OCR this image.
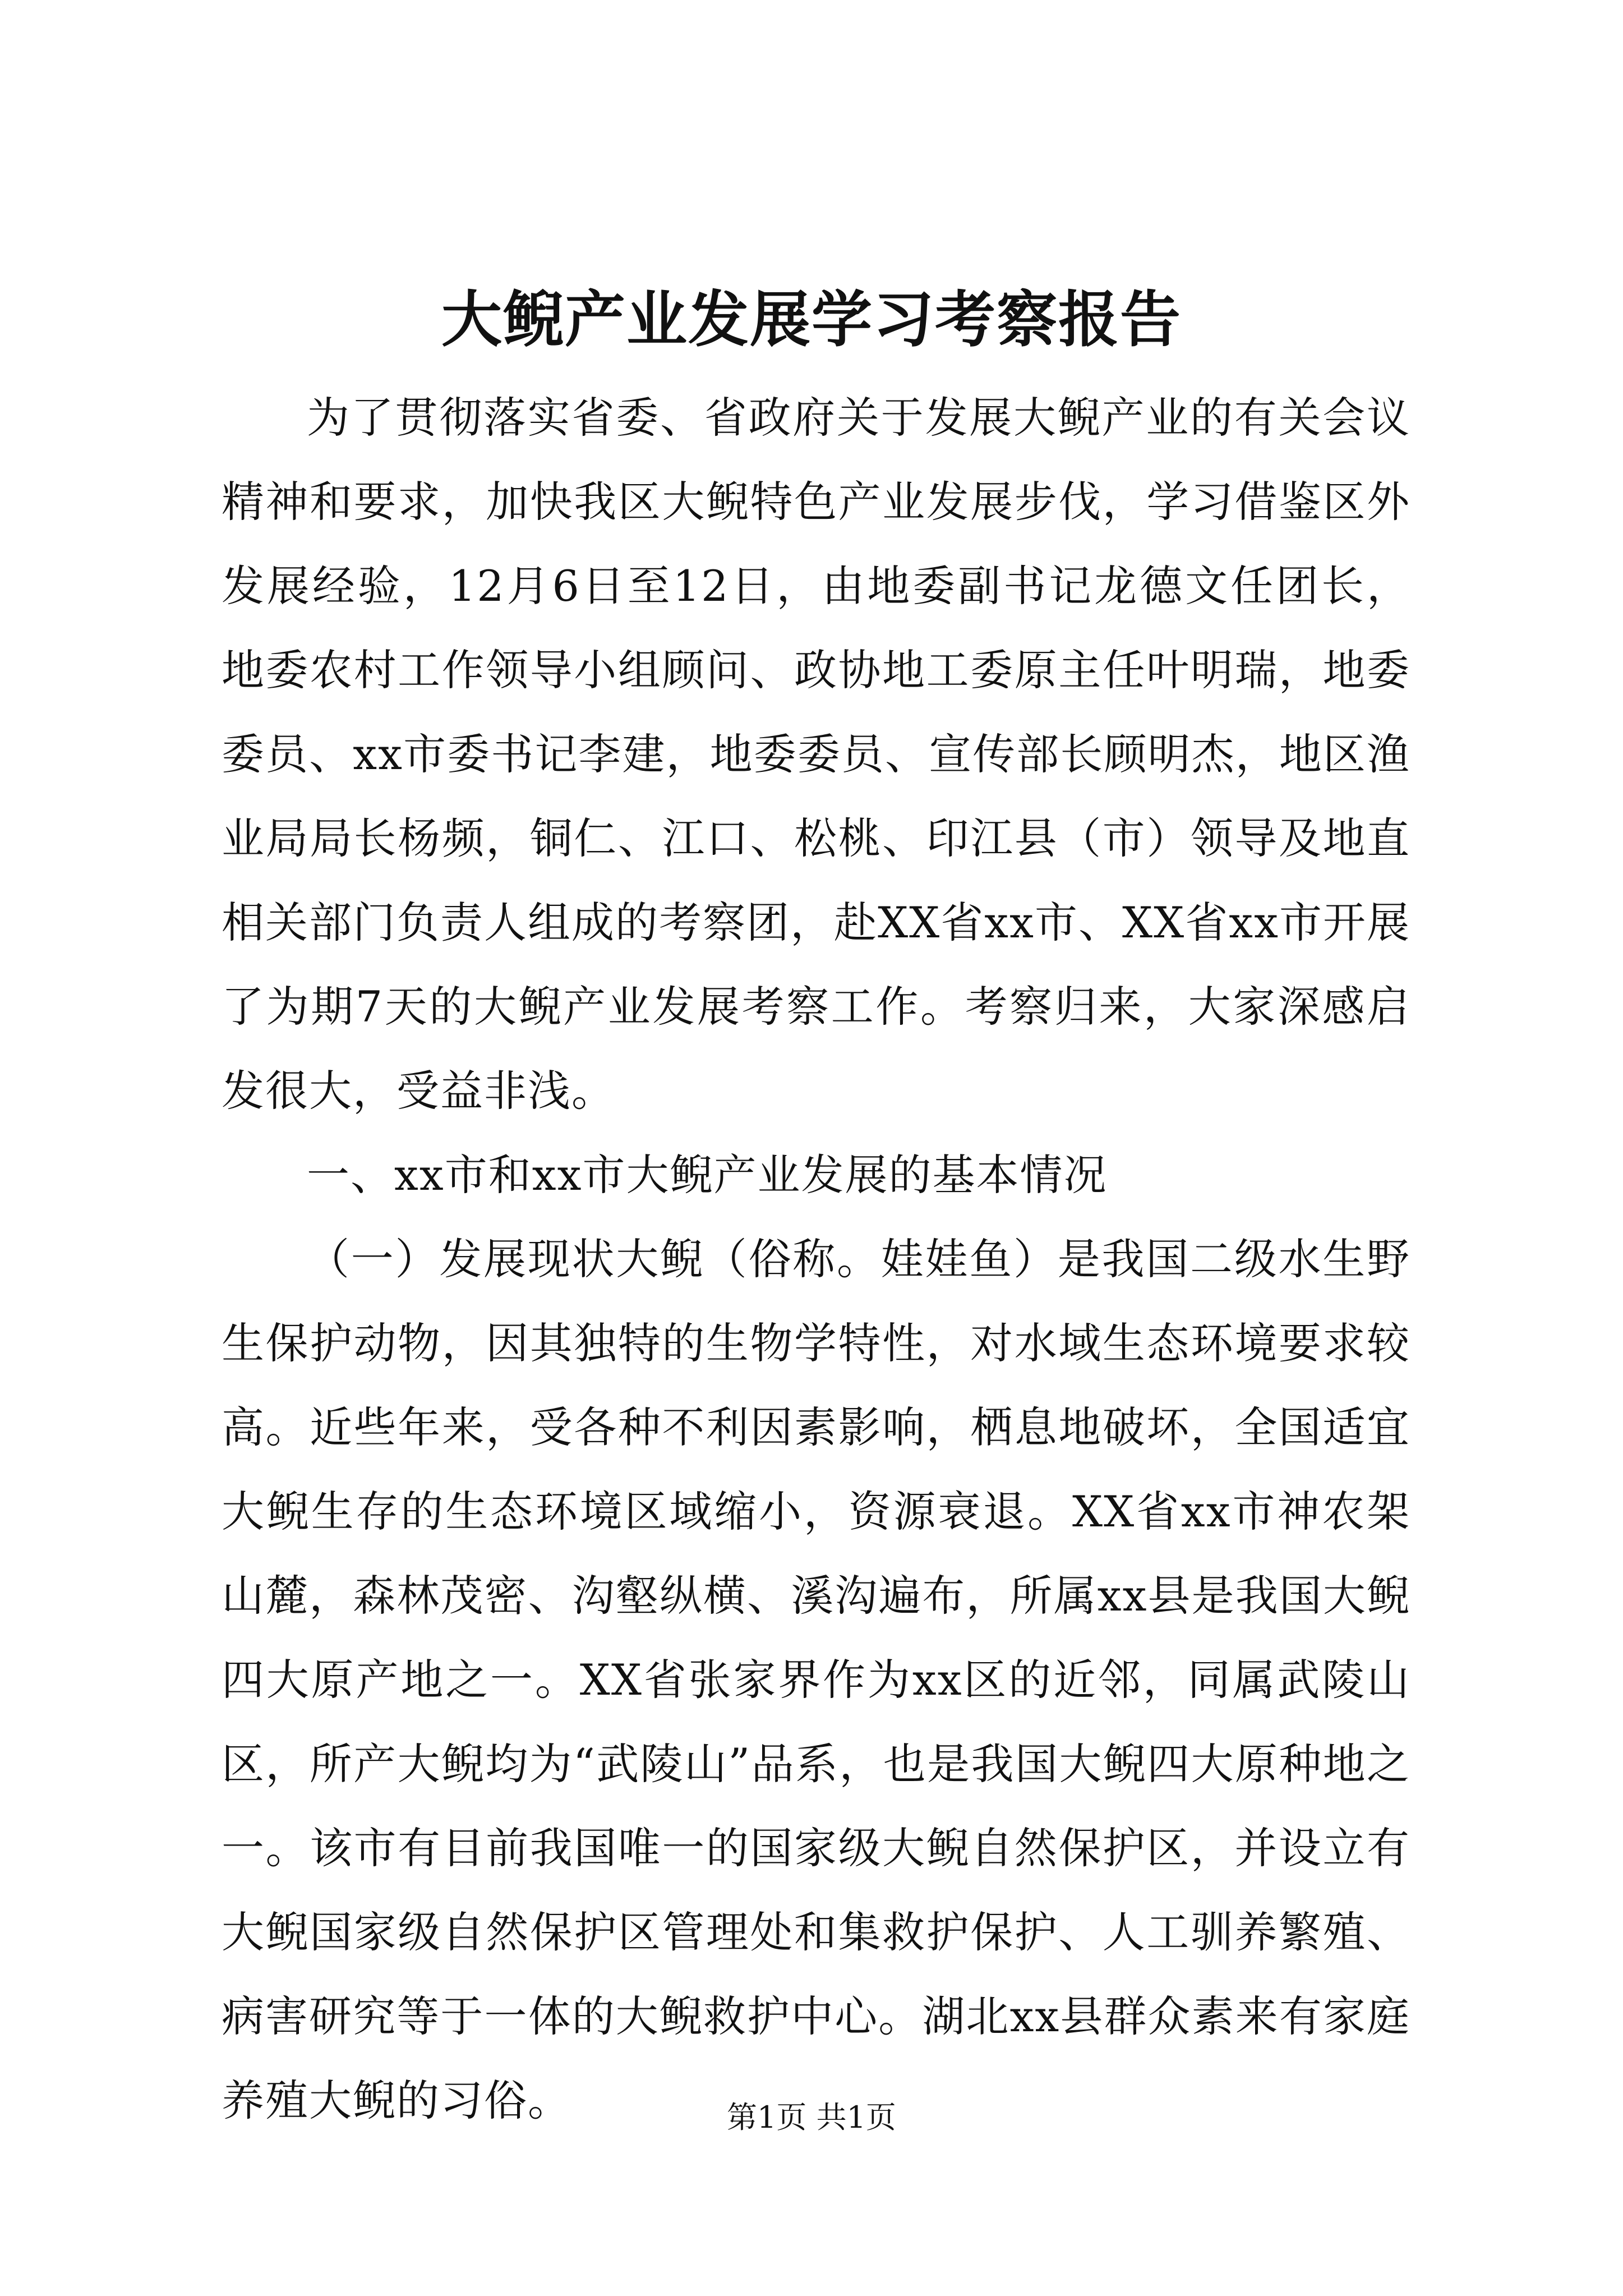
大鲵产业发展学习考察报告

为了贯彻落实省委、省政府关于发展大鲵产业的有关会议精神和要求，加快我区大鲵特色产业发展步伐，学习借鉴区外发展经验，12月6日至12日，由地委副书记龙德文任团长，地委农村工作领导小组顾问、政协地工委原主任叶明瑞，地委委员、xx市委书记李建，地委委员、宣传部长顾明杰，地区渔业局局长杨频，铜仁、江口、松桃、印江县（市）领导及地直相关部门负责人组成的考察团，赴XX省xx市、XX省xx市开展了为期7天的大鲵产业发展考察工作。考察归来，大家深感启发很大，受益非浅。

一、xx市和xx市大鲵产业发展的基本情况

（一）发展现状大鲵（俗称。娃娃鱼）是我国二级水生野生保护动物，因其独特的生物学特性，对水域生态环境要求较高。近些年来，受各种不利因素影响，栖息地破坏，全国适宜大鲵生存的生态环境区域缩小，资源衰退。XX省xx市神农架山麓，森林茂密、沟壑纵横、溪沟遍布，所属xx县是我国大鲵四大原产地之一。XX省张家界作为xx区的近邻，同属武陵山区，所产大鲵均为“武陵山”品系，也是我国大鲵四大原种地之一。该市有目前我国唯一的国家级大鲵自然保护区，并设立有大鲵国家级自然保护区管理处和集救护保护、人工驯养繁殖、病害研究等于一体的大鲵救护中心。湖北xx县群众素来有家庭养殖大鲵的习俗。	第1页 共1页
